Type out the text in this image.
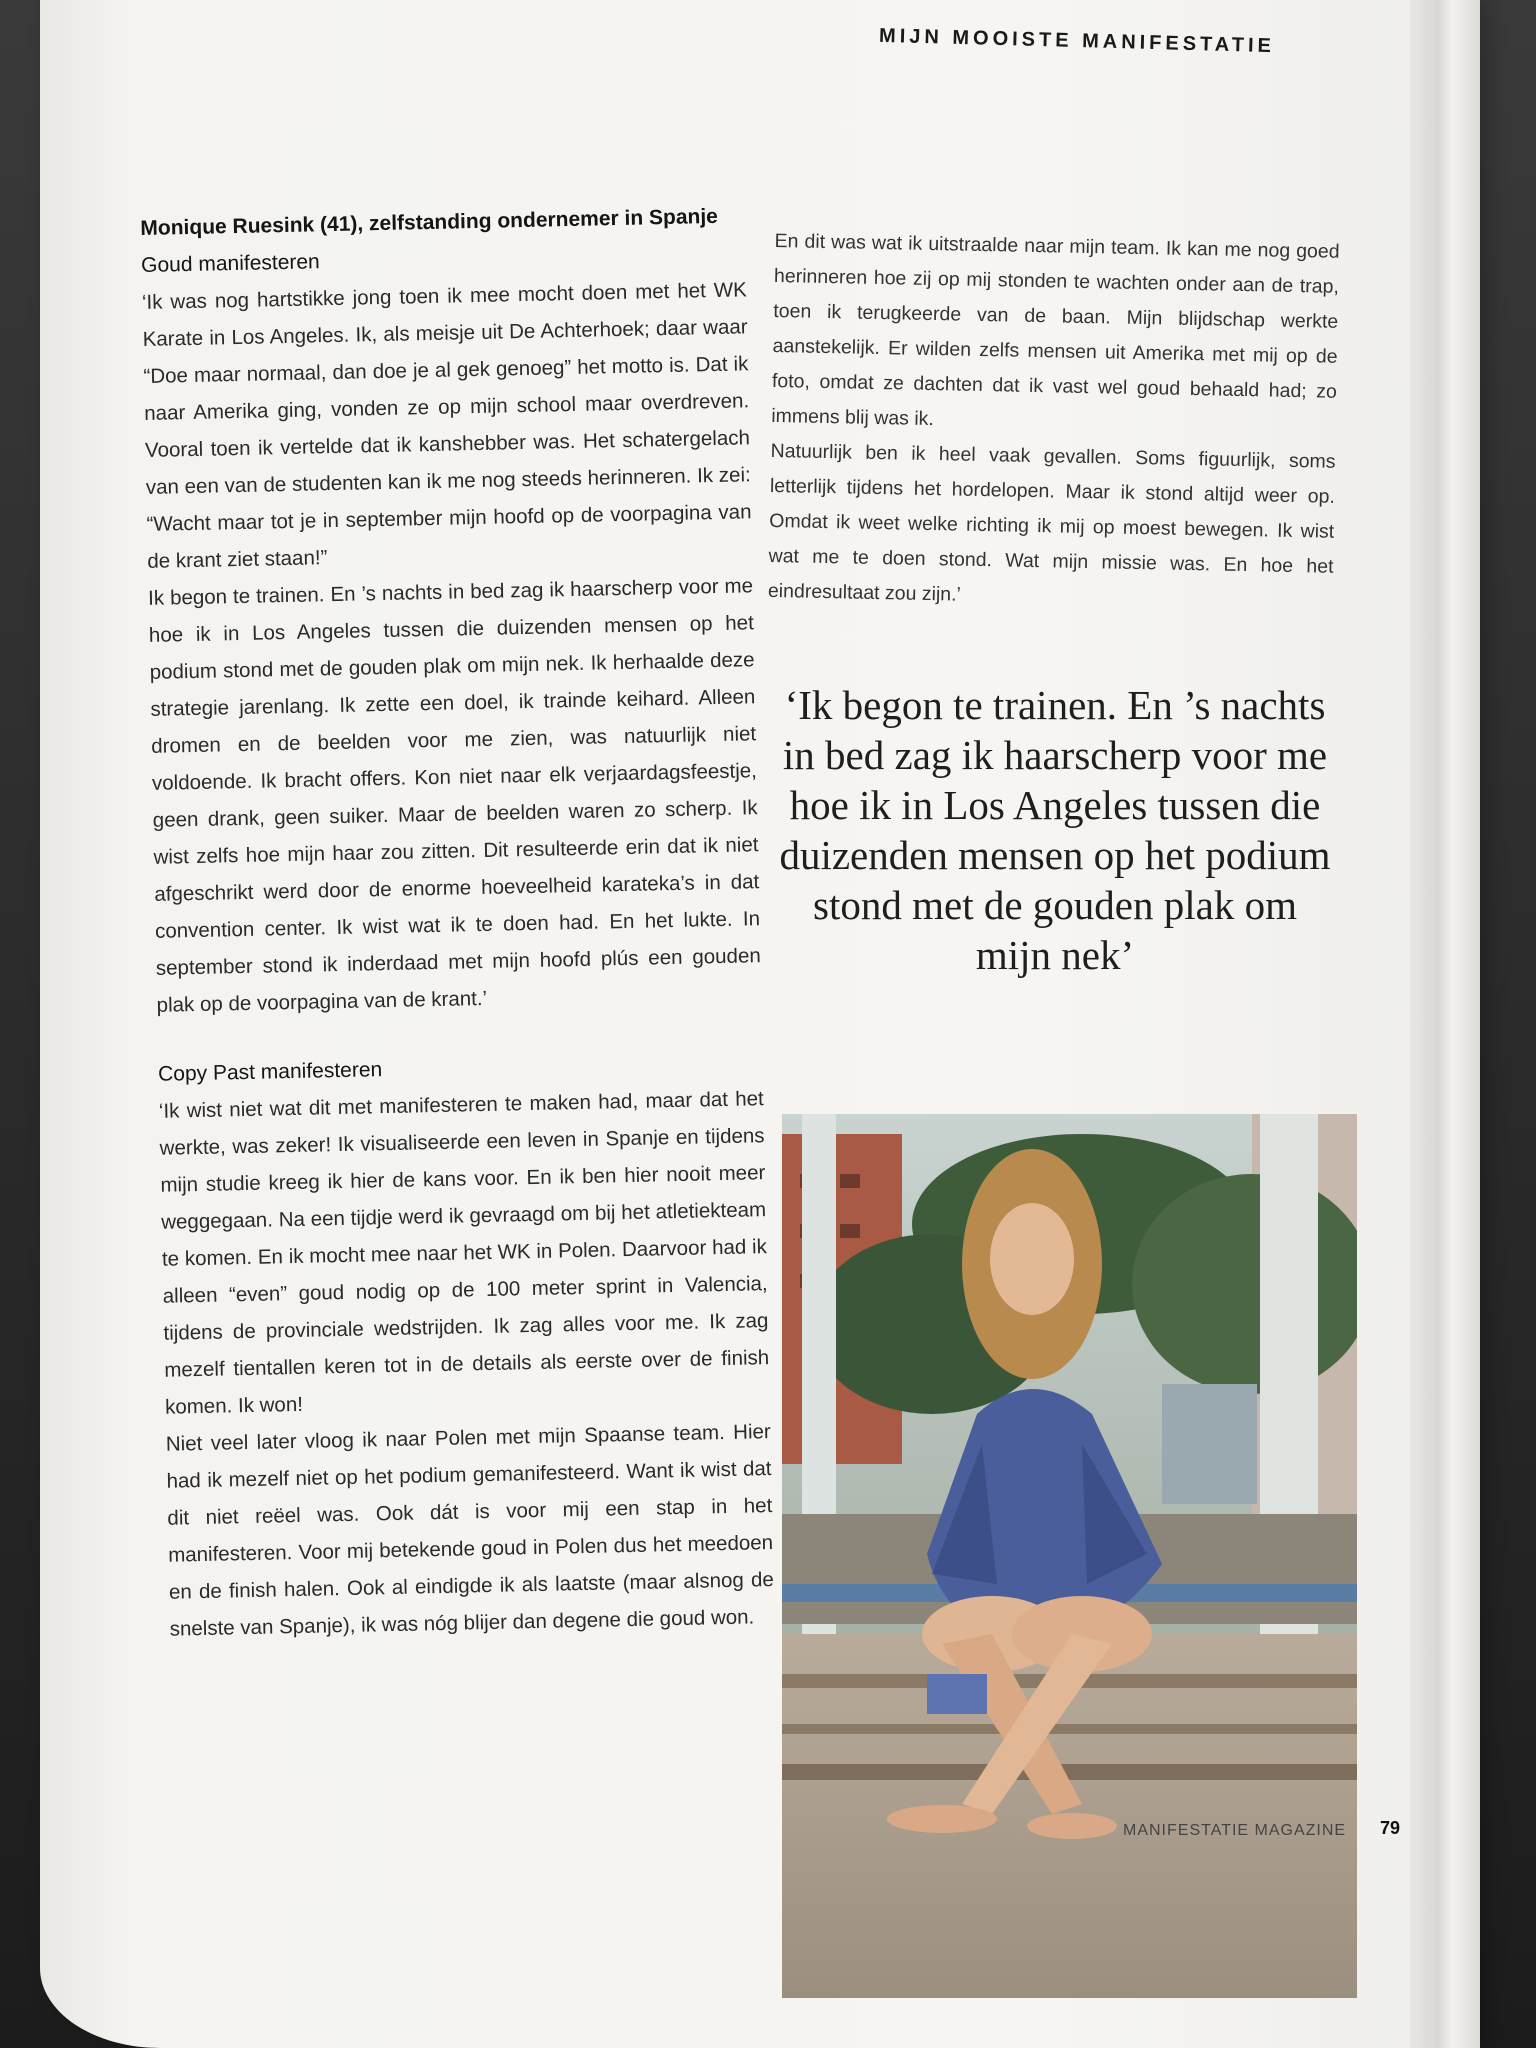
MIJN MOOISTE MANIFESTATIE

Monique Ruesink (41), zelfstanding ondernemer in Spanje

Goud manifesteren

‘Ik was nog hartstikke jong toen ik mee mocht doen met het WK Karate in Los Angeles. Ik, als meisje uit De Achterhoek; daar waar “Doe maar normaal, dan doe je al gek genoeg” het motto is. Dat ik naar Amerika ging, vonden ze op mijn school maar overdreven. Vooral toen ik vertelde dat ik kanshebber was. Het schatergelach van een van de studenten kan ik me nog steeds herinneren. Ik zei: “Wacht maar tot je in september mijn hoofd op de voorpagina van de krant ziet staan!”

Ik begon te trainen. En ’s nachts in bed zag ik haarscherp voor me hoe ik in Los Angeles tussen die duizenden mensen op het podium stond met de gouden plak om mijn nek. Ik herhaalde deze strategie jarenlang. Ik zette een doel, ik trainde keihard. Alleen dromen en de beelden voor me zien, was natuurlijk niet voldoende. Ik bracht offers. Kon niet naar elk verjaardagsfeestje, geen drank, geen suiker. Maar de beelden waren zo scherp. Ik wist zelfs hoe mijn haar zou zitten. Dit resulteerde erin dat ik niet afgeschrikt werd door de enorme hoeveelheid karateka’s in dat convention center. Ik wist wat ik te doen had. En het lukte. In september stond ik inderdaad met mijn hoofd plús een gouden plak op de voorpagina van de krant.’

Copy Past manifesteren

‘Ik wist niet wat dit met manifesteren te maken had, maar dat het werkte, was zeker! Ik visualiseerde een leven in Spanje en tijdens mijn studie kreeg ik hier de kans voor. En ik ben hier nooit meer weggegaan. Na een tijdje werd ik gevraagd om bij het atletiekteam te komen. En ik mocht mee naar het WK in Polen. Daarvoor had ik alleen “even” goud nodig op de 100 meter sprint in Valencia, tijdens de provinciale wedstrijden. Ik zag alles voor me. Ik zag mezelf tientallen keren tot in de details als eerste over de finish komen. Ik won!

Niet veel later vloog ik naar Polen met mijn Spaanse team. Hier had ik mezelf niet op het podium gemanifesteerd. Want ik wist dat dit niet reëel was. Ook dát is voor mij een stap in het manifesteren. Voor mij betekende goud in Polen dus het meedoen en de finish halen. Ook al eindigde ik als laatste (maar alsnog de snelste van Spanje), ik was nóg blijer dan degene die goud won.

En dit was wat ik uitstraalde naar mijn team. Ik kan me nog goed herinneren hoe zij op mij stonden te wachten onder aan de trap, toen ik terugkeerde van de baan. Mijn blijdschap werkte aanstekelijk. Er wilden zelfs mensen uit Amerika met mij op de foto, omdat ze dachten dat ik vast wel goud behaald had; zo immens blij was ik.

Natuurlijk ben ik heel vaak gevallen. Soms figuurlijk, soms letterlijk tijdens het hordelopen. Maar ik stond altijd weer op. Omdat ik weet welke richting ik mij op moest bewegen. Ik wist wat me te doen stond. Wat mijn missie was. En hoe het eindresultaat zou zijn.’

‘Ik begon te trainen. En ’s nachts in bed zag ik haarscherp voor me hoe ik in Los Angeles tussen die duizenden mensen op het podium stond met de gouden plak om mijn nek’
MANIFESTATIE MAGAZINE 79
